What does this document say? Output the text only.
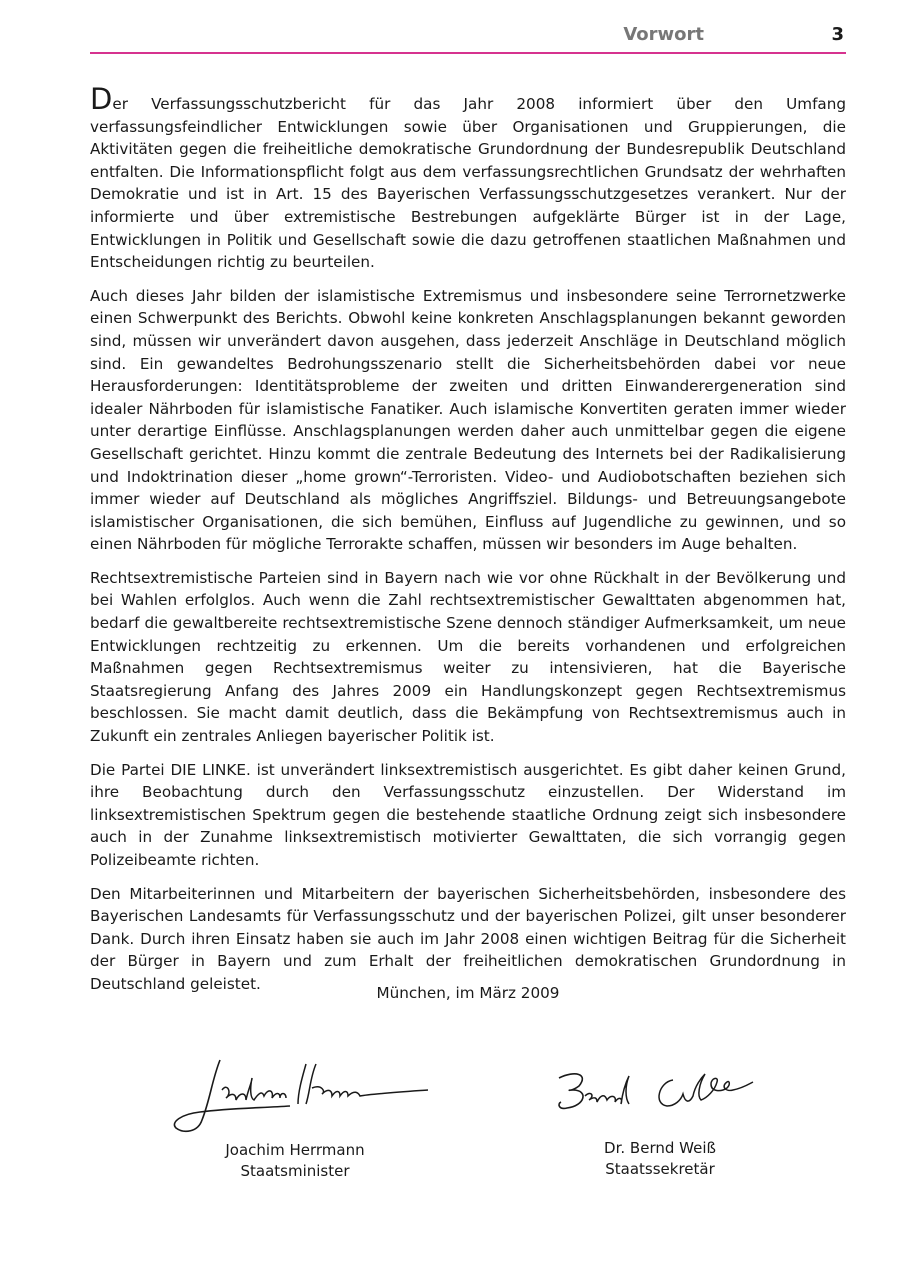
Vorwort	3

Der Verfassungsschutzbericht für das Jahr 2008 informiert über den Umfang verfassungsfeindlicher Entwicklungen sowie über Organisationen und Gruppierungen, die Aktivitäten gegen die freiheitliche demokratische Grundordnung der Bundesrepublik Deutschland entfalten. Die Informationspflicht folgt aus dem verfassungsrechtlichen Grundsatz der wehrhaften Demokratie und ist in Art. 15 des Bayerischen Verfassungsschutzgesetzes verankert. Nur der informierte und über extremistische Bestrebungen aufgeklärte Bürger ist in der Lage, Entwicklungen in Politik und Gesellschaft sowie die dazu getroffenen staatlichen Maßnahmen und Entscheidungen richtig zu beurteilen.

Auch dieses Jahr bilden der islamistische Extremismus und insbesondere seine Terrornetzwerke einen Schwerpunkt des Berichts. Obwohl keine konkreten Anschlagsplanungen bekannt geworden sind, müssen wir unverändert davon ausgehen, dass jederzeit Anschläge in Deutschland möglich sind. Ein gewandeltes Bedrohungsszenario stellt die Sicherheitsbehörden dabei vor neue Herausforderungen: Identitätsprobleme der zweiten und dritten Einwanderergeneration sind idealer Nährboden für islamistische Fanatiker. Auch islamische Konvertiten geraten immer wieder unter derartige Einflüsse. Anschlagsplanungen werden daher auch unmittelbar gegen die eigene Gesellschaft gerichtet. Hinzu kommt die zentrale Bedeutung des Internets bei der Radikalisierung und Indoktrination dieser „home grown“-Terroristen. Video- und Audiobotschaften beziehen sich immer wieder auf Deutschland als mögliches Angriffsziel. Bildungs- und Betreuungsangebote islamistischer Organisationen, die sich bemühen, Einfluss auf Jugendliche zu gewinnen, und so einen Nährboden für mögliche Terrorakte schaffen, müssen wir besonders im Auge behalten.

Rechtsextremistische Parteien sind in Bayern nach wie vor ohne Rückhalt in der Bevölkerung und bei Wahlen erfolglos. Auch wenn die Zahl rechtsextremistischer Gewalttaten abgenommen hat, bedarf die gewaltbereite rechtsextremistische Szene dennoch ständiger Aufmerksamkeit, um neue Entwicklungen rechtzeitig zu erkennen. Um die bereits vorhandenen und erfolgreichen Maßnahmen gegen Rechtsextremismus weiter zu intensivieren, hat die Bayerische Staatsregierung Anfang des Jahres 2009 ein Handlungskonzept gegen Rechtsextremismus beschlossen. Sie macht damit deutlich, dass die Bekämpfung von Rechtsextremismus auch in Zukunft ein zentrales Anliegen bayerischer Politik ist.

Die Partei DIE LINKE. ist unverändert linksextremistisch ausgerichtet. Es gibt daher keinen Grund, ihre Beobachtung durch den Verfassungsschutz einzustellen. Der Widerstand im linksextremistischen Spektrum gegen die bestehende staatliche Ordnung zeigt sich insbesondere auch in der Zunahme linksextremistisch motivierter Gewalttaten, die sich vorrangig gegen Polizeibeamte richten.

Den Mitarbeiterinnen und Mitarbeitern der bayerischen Sicherheitsbehörden, insbesondere des Bayerischen Landesamts für Verfassungsschutz und der bayerischen Polizei, gilt unser besonderer Dank. Durch ihren Einsatz haben sie auch im Jahr 2008 einen wichtigen Beitrag für die Sicherheit der Bürger in Bayern und zum Erhalt der freiheitlichen demokratischen Grundordnung in Deutschland geleistet.

München, im März 2009
Joachim Herrmann
Staatsminister
Dr. Bernd Weiß
Staatssekretär
